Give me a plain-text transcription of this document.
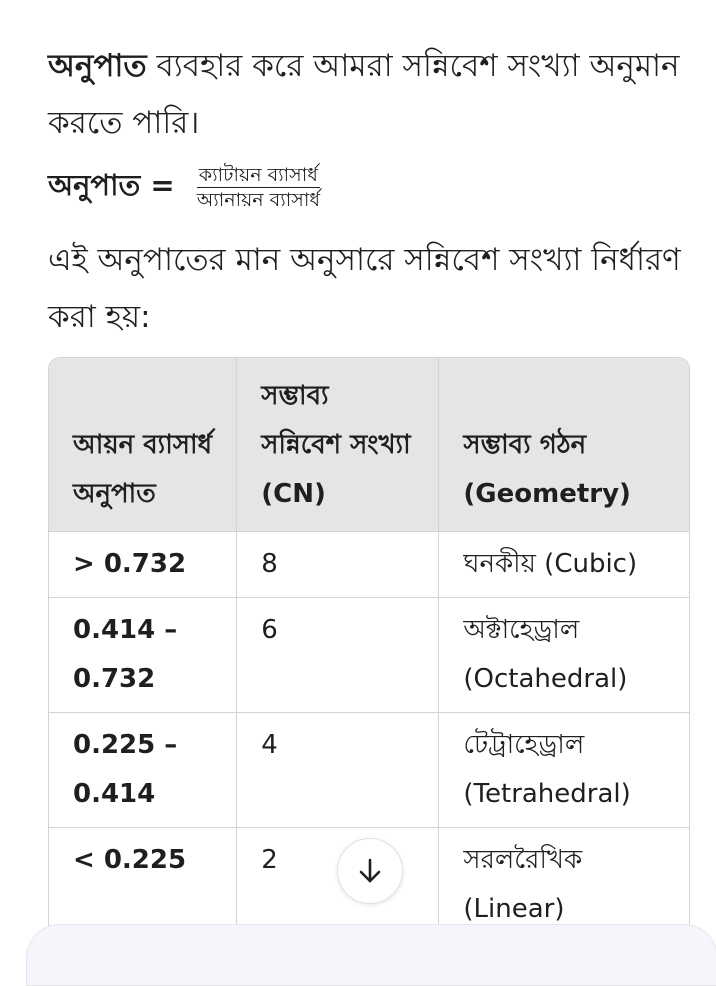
অনুপাত ব্যবহার করে আমরা সন্নিবেশ সংখ্যা অনুমান করতে পারি।

অনুপাত = $\frac{\text{ক্যাটায়ন ব্যাসার্ধ}}{\text{অ্যানায়ন ব্যাসার্ধ}}$

এই অনুপাতের মান অনুসারে সন্নিবেশ সংখ্যা নির্ধারণ করা হয়:

আয়ন ব্যাসার্ধ অনুপাত	সম্ভাব্য সন্নিবেশ সংখ্যা (CN)	সম্ভাব্য গঠন (Geometry)
> 0.732	8	ঘনকীয় (Cubic)
0.414 – 0.732	6	অক্টাহেড্রাল (Octahedral)
0.225 – 0.414	4	টেট্রাহেড্রাল (Tetrahedral)
< 0.225	2	সরলরৈখিক (Linear)
